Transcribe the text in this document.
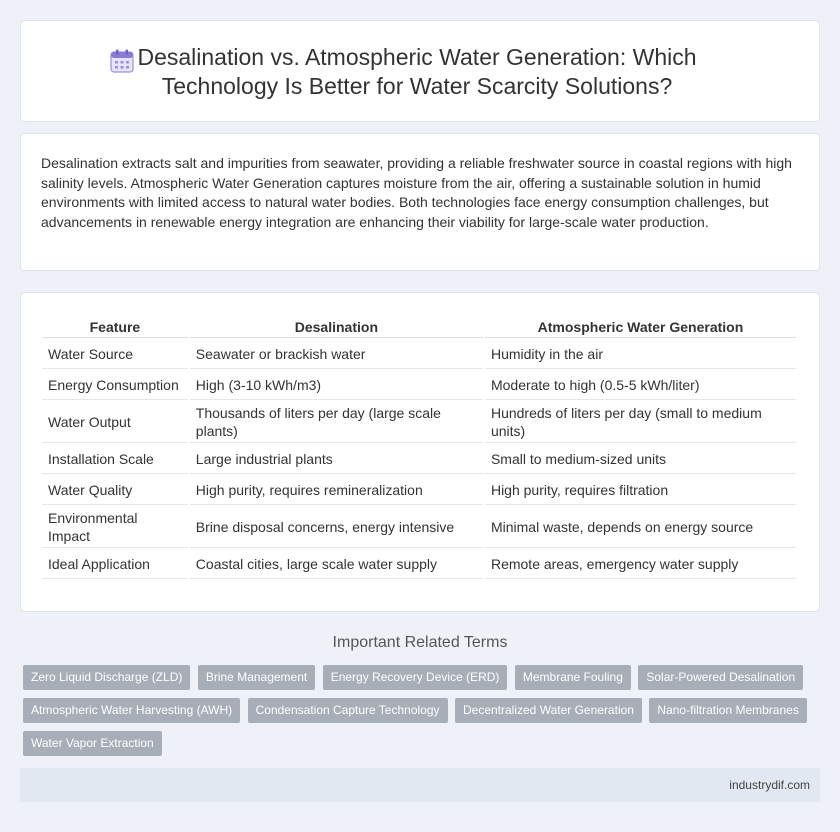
Desalination vs. Atmospheric Water Generation: Which Technology Is Better for Water Scarcity Solutions?

Desalination extracts salt and impurities from seawater, providing a reliable freshwater source in coastal regions with high salinity levels. Atmospheric Water Generation captures moisture from the air, offering a sustainable solution in humid environments with limited access to natural water bodies. Both technologies face energy consumption challenges, but advancements in renewable energy integration are enhancing their viability for large-scale water production.

Feature	Desalination	Atmospheric Water Generation
Water Source	Seawater or brackish water	Humidity in the air
Energy Consumption	High (3-10 kWh/m3)	Moderate to high (0.5-5 kWh/liter)
Water Output	Thousands of liters per day (large scale plants)	Hundreds of liters per day (small to medium units)
Installation Scale	Large industrial plants	Small to medium-sized units
Water Quality	High purity, requires remineralization	High purity, requires filtration
Environmental Impact	Brine disposal concerns, energy intensive	Minimal waste, depends on energy source
Ideal Application	Coastal cities, large scale water supply	Remote areas, emergency water supply
Important Related Terms
Zero Liquid Discharge (ZLD) Brine Management Energy Recovery Device (ERD) Membrane Fouling Solar-Powered Desalination Atmospheric Water Harvesting (AWH) Condensation Capture Technology Decentralized Water Generation Nano-filtration Membranes Water Vapor Extraction
industrydif.com
